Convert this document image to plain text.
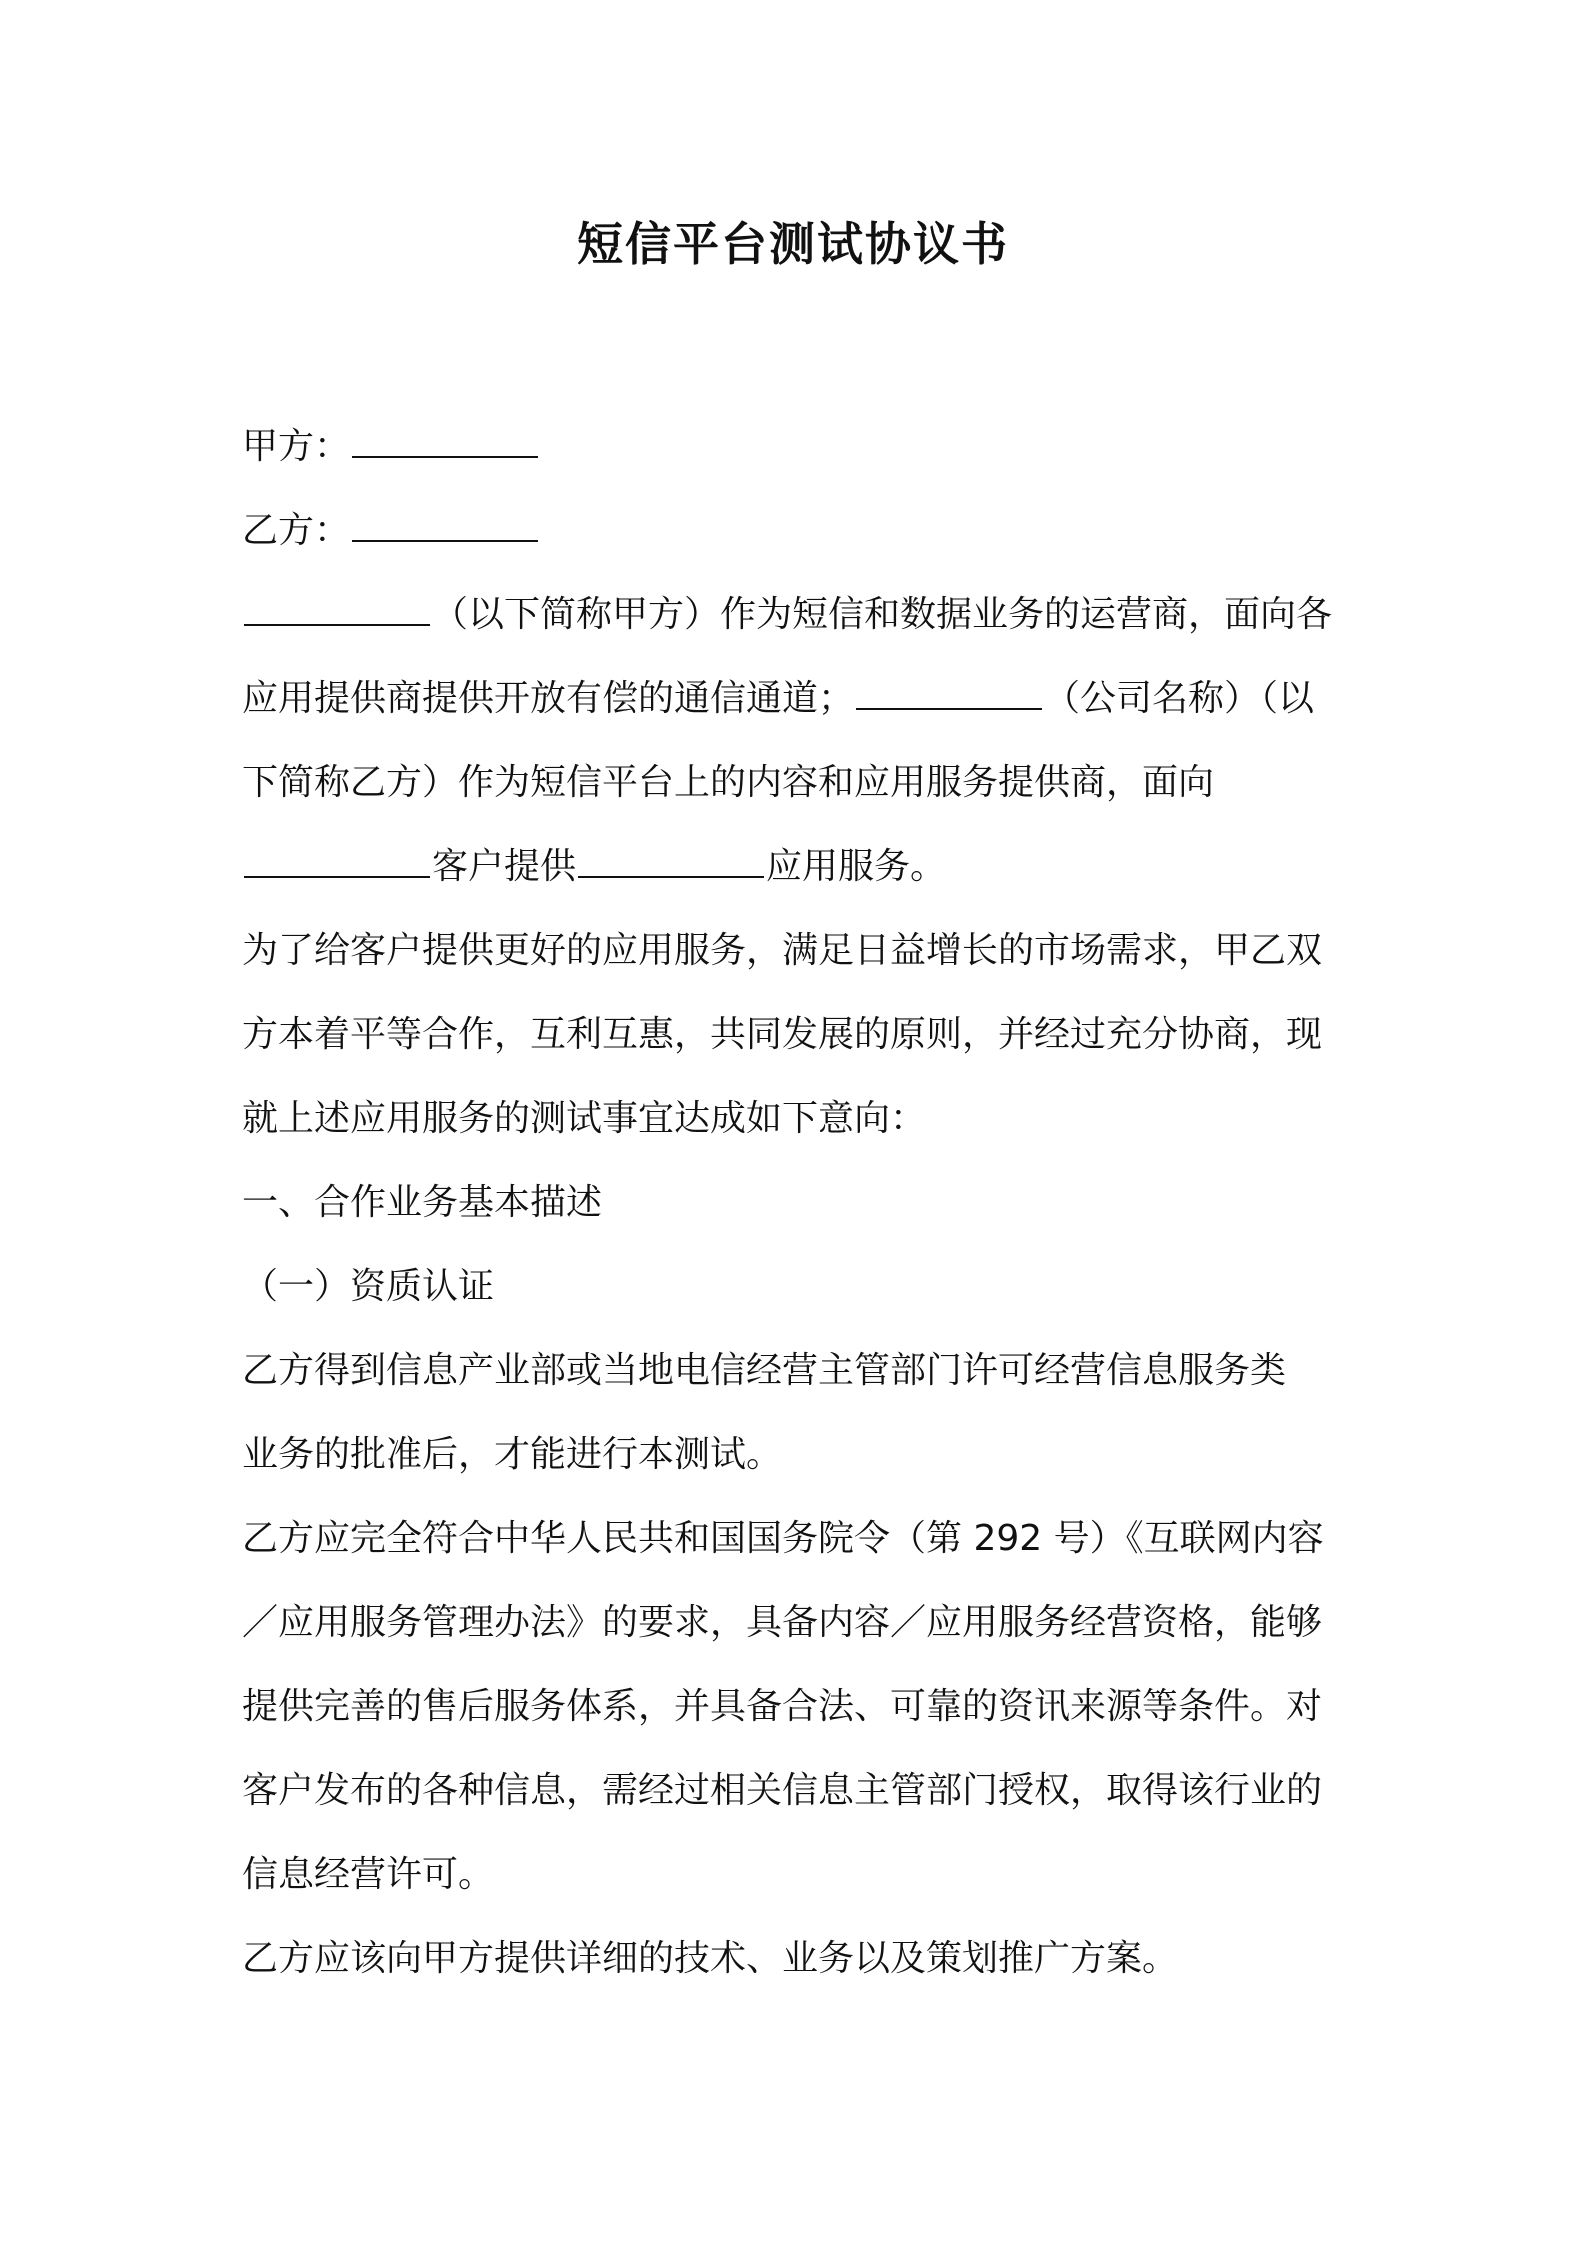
短信平台测试协议书
甲方：
乙方：
（以下简称甲方）作为短信和数据业务的运营商，面向各
应用提供商提供开放有偿的通信通道；	（公司名称）（以
下简称乙方）作为短信平台上的内容和应用服务提供商，面向
客户提供	应用服务。
为了给客户提供更好的应用服务，满足日益增长的市场需求，甲乙双
方本着平等合作，互利互惠，共同发展的原则，并经过充分协商，现
就上述应用服务的测试事宜达成如下意向：
一、合作业务基本描述
（一）资质认证
乙方得到信息产业部或当地电信经营主管部门许可经营信息服务类
业务的批准后，才能进行本测试。
乙方应完全符合中华人民共和国国务院令（第 292 号）《互联网内容
／应用服务管理办法》的要求，具备内容／应用服务经营资格，能够
提供完善的售后服务体系，并具备合法、可靠的资讯来源等条件。对
客户发布的各种信息，需经过相关信息主管部门授权，取得该行业的
信息经营许可。
乙方应该向甲方提供详细的技术、业务以及策划推广方案。
